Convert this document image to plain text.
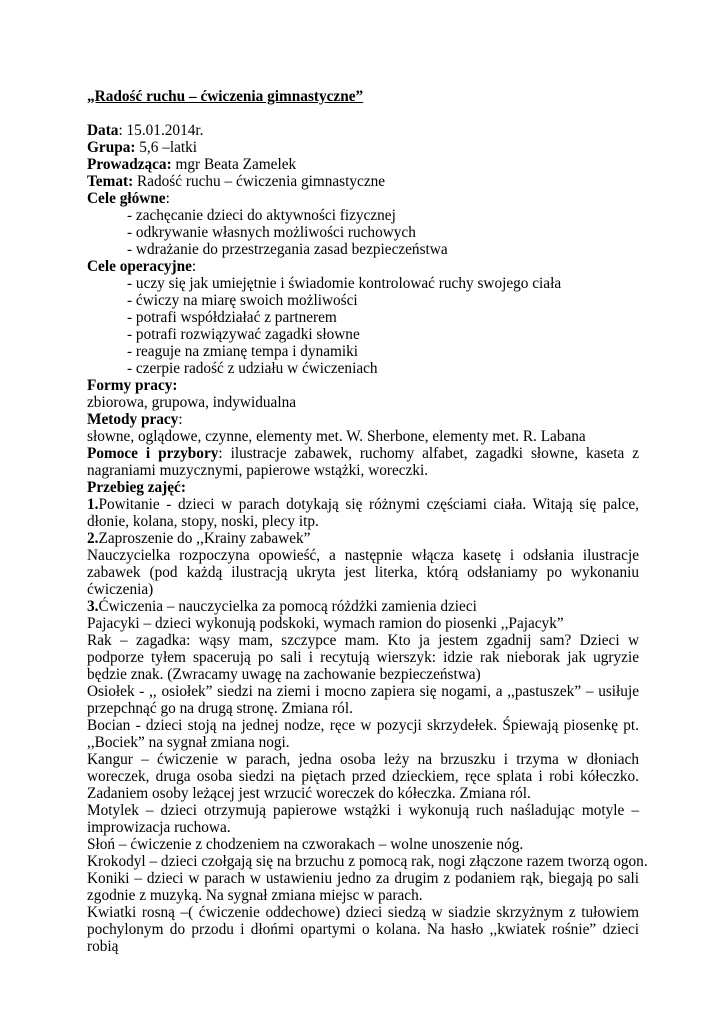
„Radość ruchu – ćwiczenia gimnastyczne”
Data: 15.01.2014r.
Grupa: 5,6 –latki
Prowadząca: mgr Beata Zamelek
Temat: Radość ruchu – ćwiczenia gimnastyczne
Cele główne:
- zachęcanie dzieci do aktywności fizycznej
- odkrywanie własnych możliwości ruchowych
- wdrażanie do przestrzegania zasad bezpieczeństwa
Cele operacyjne:
- uczy się jak umiejętnie i świadomie kontrolować ruchy swojego ciała
- ćwiczy na miarę swoich możliwości
- potrafi współdziałać z partnerem
- potrafi rozwiązywać zagadki słowne
- reaguje na zmianę tempa i dynamiki
- czerpie radość z udziału w ćwiczeniach
Formy pracy:
zbiorowa, grupowa, indywidualna
Metody pracy:
słowne, oglądowe, czynne, elementy met. W. Sherbone, elementy met. R. Labana
Pomoce i przybory: ilustracje zabawek, ruchomy alfabet, zagadki słowne, kaseta z nagraniami muzycznymi, papierowe wstążki, woreczki.
Przebieg zajęć:
1.Powitanie - dzieci w parach dotykają się różnymi częściami ciała. Witają się palce, dłonie, kolana, stopy, noski, plecy itp.
2.Zaproszenie do ,,Krainy zabawek”
Nauczycielka rozpoczyna opowieść, a następnie włącza kasetę i odsłania ilustracje zabawek (pod każdą ilustracją ukryta jest literka, którą odsłaniamy po wykonaniu ćwiczenia)
3.Ćwiczenia – nauczycielka za pomocą różdżki zamienia dzieci
Pajacyki – dzieci wykonują podskoki, wymach ramion do piosenki ,,Pajacyk”
Rak – zagadka: wąsy mam, szczypce mam. Kto ja jestem zgadnij sam? Dzieci w podporze tyłem spacerują po sali i recytują wierszyk: idzie rak nieborak jak ugryzie będzie znak. (Zwracamy uwagę na zachowanie bezpieczeństwa)
Osiołek - ,, osiołek” siedzi na ziemi i mocno zapiera się nogami, a ,,pastuszek” – usiłuje przepchnąć go na drugą stronę. Zmiana ról.
Bocian - dzieci stoją na jednej nodze, ręce w pozycji skrzydełek. Śpiewają piosenkę pt. ,,Bociek” na sygnał zmiana nogi.
Kangur – ćwiczenie w parach, jedna osoba leży na brzuszku i trzyma w dłoniach woreczek, druga osoba siedzi na piętach przed dzieckiem, ręce splata i robi kółeczko. Zadaniem osoby leżącej jest wrzucić woreczek do kółeczka. Zmiana ról.
Motylek – dzieci otrzymują papierowe wstążki i wykonują ruch naśladując motyle – improwizacja ruchowa.
Słoń – ćwiczenie z chodzeniem na czworakach – wolne unoszenie nóg.
Krokodyl – dzieci czołgają się na brzuchu z pomocą rak, nogi złączone razem tworzą ogon.
Koniki – dzieci w parach w ustawieniu jedno za drugim z podaniem rąk, biegają po sali zgodnie z muzyką. Na sygnał zmiana miejsc w parach.
Kwiatki rosną –( ćwiczenie oddechowe) dzieci siedzą w siadzie skrzyżnym z tułowiem pochylonym do przodu i dłońmi opartymi o kolana. Na hasło ,,kwiatek rośnie” dzieci robią
